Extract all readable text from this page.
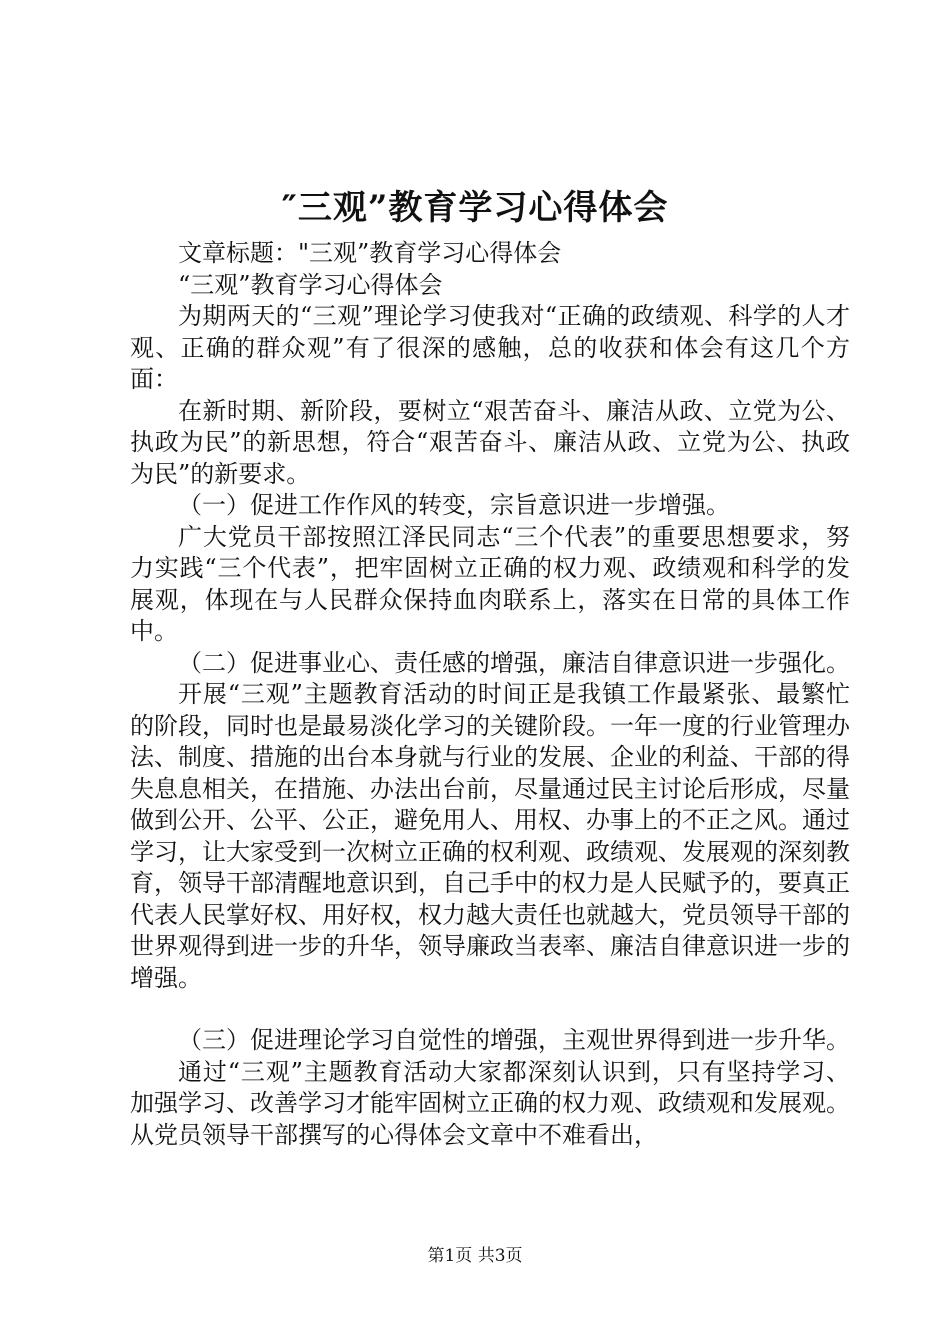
″三观”教育学习心得体会

文章标题："三观”教育学习心得体会

“三观”教育学习心得体会

为期两天的“三观”理论学习使我对“正确的政绩观、科学的人才观、正确的群众观”有了很深的感触，总的收获和体会有这几个方面：

在新时期、新阶段，要树立“艰苦奋斗、廉洁从政、立党为公、执政为民”的新思想，符合“艰苦奋斗、廉洁从政、立党为公、执政为民”的新要求。

（一）促进工作作风的转变，宗旨意识进一步增强。

广大党员干部按照江泽民同志“三个代表”的重要思想要求，努力实践“三个代表”，把牢固树立正确的权力观、政绩观和科学的发展观，体现在与人民群众保持血肉联系上，落实在日常的具体工作中。

（二）促进事业心、责任感的增强，廉洁自律意识进一步强化。

开展“三观”主题教育活动的时间正是我镇工作最紧张、最繁忙的阶段，同时也是最易淡化学习的关键阶段。一年一度的行业管理办法、制度、措施的出台本身就与行业的发展、企业的利益、干部的得失息息相关，在措施、办法出台前，尽量通过民主讨论后形成，尽量做到公开、公平、公正，避免用人、用权、办事上的不正之风。通过学习，让大家受到一次树立正确的权利观、政绩观、发展观的深刻教育，领导干部清醒地意识到，自己手中的权力是人民赋予的，要真正代表人民掌好权、用好权，权力越大责任也就越大，党员领导干部的世界观得到进一步的升华，领导廉政当表率、廉洁自律意识进一步的增强。

（三）促进理论学习自觉性的增强，主观世界得到进一步升华。

通过“三观”主题教育活动大家都深刻认识到，只有坚持学习、加强学习、改善学习才能牢固树立正确的权力观、政绩观和发展观。从党员领导干部撰写的心得体会文章中不难看出，

第1页 共3页
